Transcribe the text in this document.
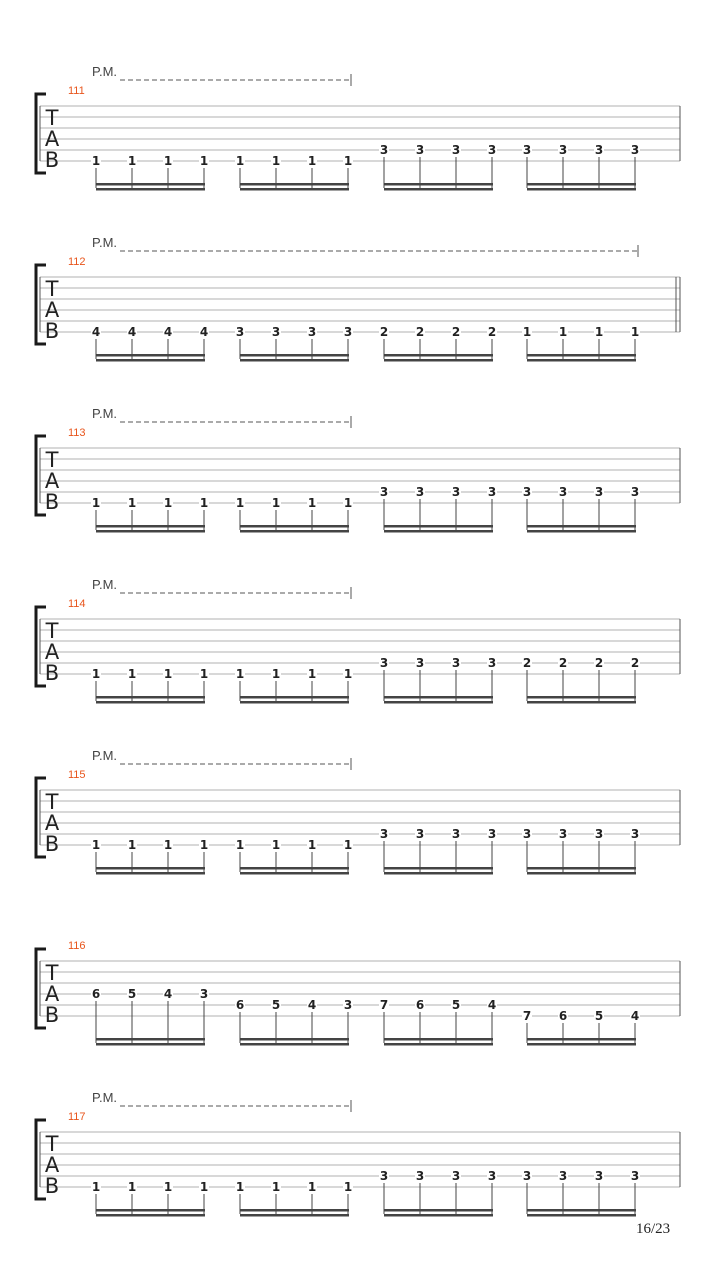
T
A
B
111
P.M.
1 1 1 1 1 1 1 1
3 3 3 3 3 3 3 3
T
A
B
112
P.M.
4 4 4 4 3 3 3 3 2 2 2 2 1 1 1 1
T
A
B
113
P.M.
1 1 1 1 1 1 1 1
3 3 3 3 3 3 3 3
T
A
B
114
P.M.
1 1 1 1 1 1 1 1
3 3 3 3 2 2 2 2
T
A
B
115
P.M.
1 1 1 1 1 1 1 1
3 3 3 3 3 3 3 3
T
A
B
116
6 5 4 3
6 5 4 3 7 6 5 4
7 6 5 4
T
A
B
117
P.M.
1 1 1 1 1 1 1 1
3 3 3 3 3 3 3 3
16/23
